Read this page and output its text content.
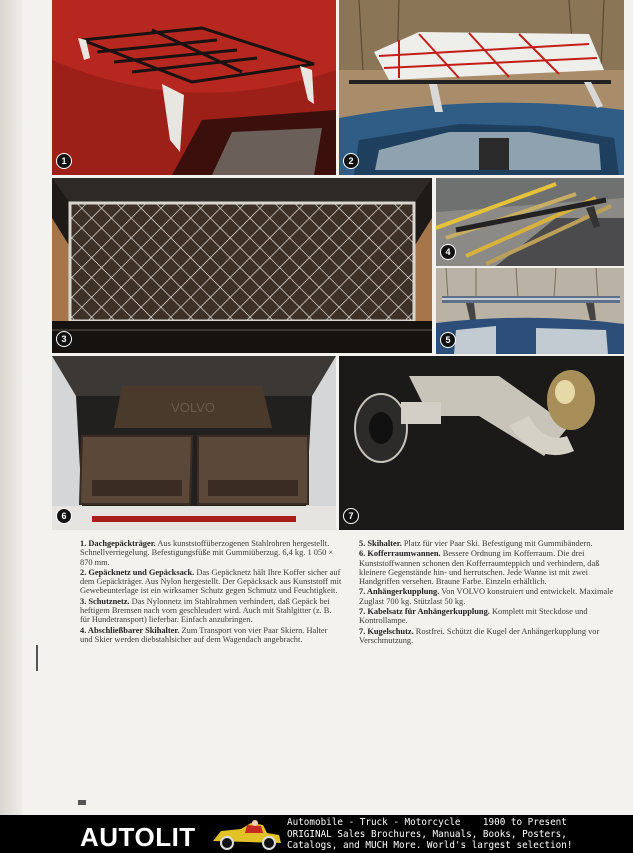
1	2
3
4
5
VOLVO
6	7

1. Dachgepäckträger. Aus kunststoffüberzogenen Stahlrohren hergestellt. Schnellverriegelung. Befestigungsfüße mit Gummiüberzug. 6,4 kg. 1 050 × 870 mm.

2. Gepäcknetz und Gepäcksack. Das Gepäcknetz hält Ihre Koffer sicher auf dem Gepäckträger. Aus Nylon hergestellt. Der Gepäcksack aus Kunststoff mit Gewebeunterlage ist ein wirksamer Schutz gegen Schmutz und Feuchtigkeit.

3. Schutznetz. Das Nylonnetz im Stahlrahmen verhindert, daß Gepäck bei heftigem Bremsen nach vorn geschleudert wird. Auch mit Stahlgitter (z. B. für Hundetransport) lieferbar. Einfach anzubringen.

4. Abschließbarer Skihalter. Zum Transport von vier Paar Skiern. Halter und Skier werden diebstahlsicher auf dem Wagendach angebracht.

5. Skihalter. Platz für vier Paar Ski. Befestigung mit Gummibändern.

6. Kofferraumwannen. Bessere Ordnung im Kofferraum. Die drei Kunststoffwannen schonen den Kofferraumteppich und verhindern, daß kleinere Gegenstände hin- und herrutschen. Jede Wanne ist mit zwei Handgriffen versehen. Braune Farbe. Einzeln erhältlich.

7. Anhängerkupplung. Von VOLVO konstruiert und entwickelt. Maximale Zuglast 700 kg. Stützlast 50 kg.

7. Kabelsatz für Anhängerkupplung. Komplett mit Steckdose und Kontrollampe.

7. Kugelschutz. Rostfrei. Schützt die Kugel der Anhängerkupplung vor Verschmutzung.

AUTOLIT	Automobile - Truck - Motorcycle    1900 to Present
ORIGINAL Sales Brochures, Manuals, Books, Posters,
Catalogs, and MUCH More. World's largest selection!
